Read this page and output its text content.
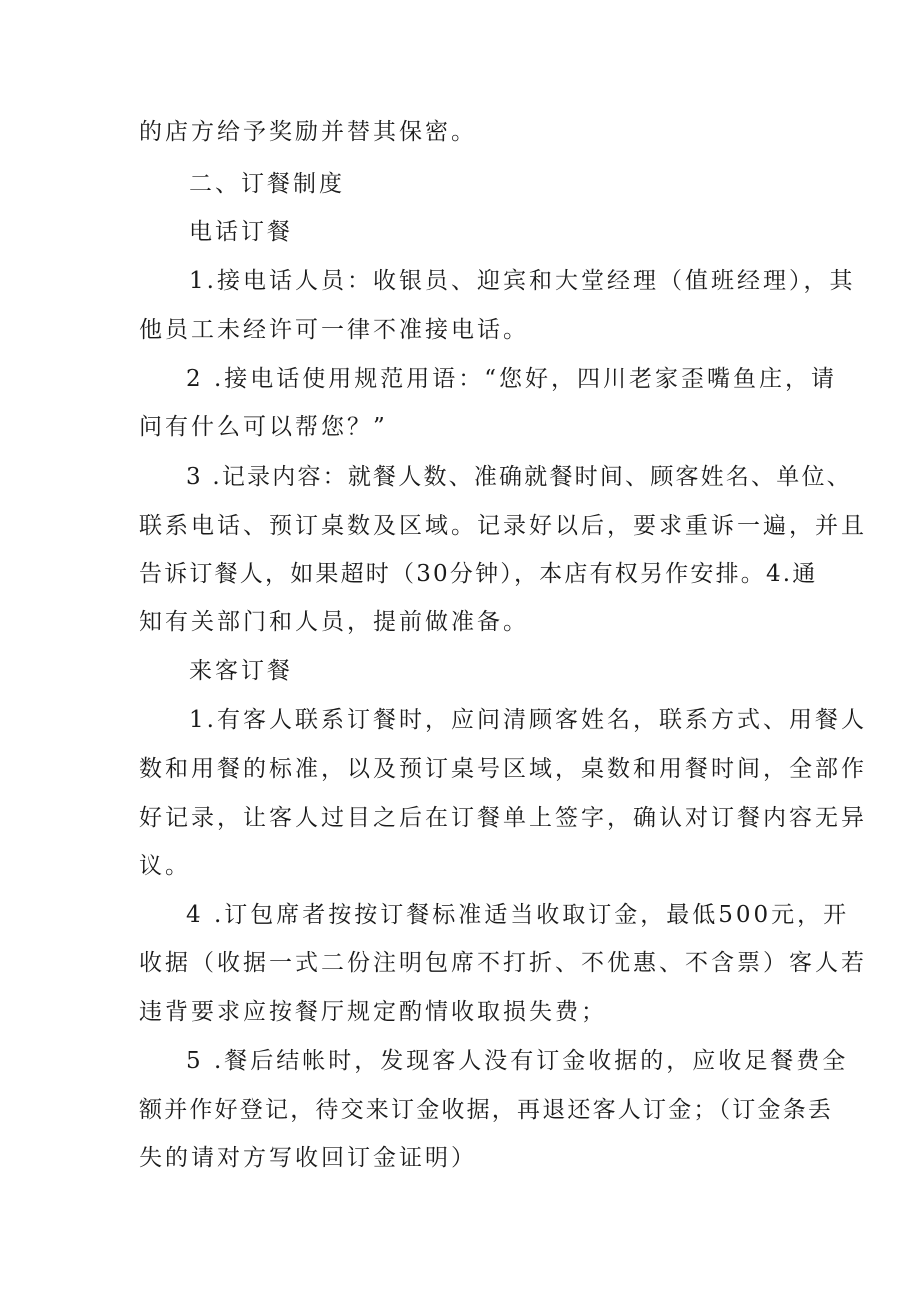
的店方给予奖励并替其保密。
二、订餐制度
电话订餐
1.接电话人员：收银员、迎宾和大堂经理（值班经理），其
他员工未经许可一律不准接电话。
2 .接电话使用规范用语：“您好，四川老家歪嘴鱼庄，请
问有什么可以帮您？”
3 .记录内容：就餐人数、准确就餐时间、顾客姓名、单位、
联系电话、预订桌数及区域。记录好以后，要求重诉一遍，并且
告诉订餐人，如果超时（30分钟），本店有权另作安排。4.通
知有关部门和人员，提前做准备。
来客订餐
1.有客人联系订餐时，应问清顾客姓名，联系方式、用餐人
数和用餐的标准，以及预订桌号区域，桌数和用餐时间，全部作
好记录，让客人过目之后在订餐单上签字，确认对订餐内容无异
议。
4 .订包席者按按订餐标准适当收取订金，最低500元，开
收据（收据一式二份注明包席不打折、不优惠、不含票）客人若
违背要求应按餐厅规定酌情收取损失费；
5 .餐后结帐时，发现客人没有订金收据的，应收足餐费全
额并作好登记，待交来订金收据，再退还客人订金；（订金条丢
失的请对方写收回订金证明）
